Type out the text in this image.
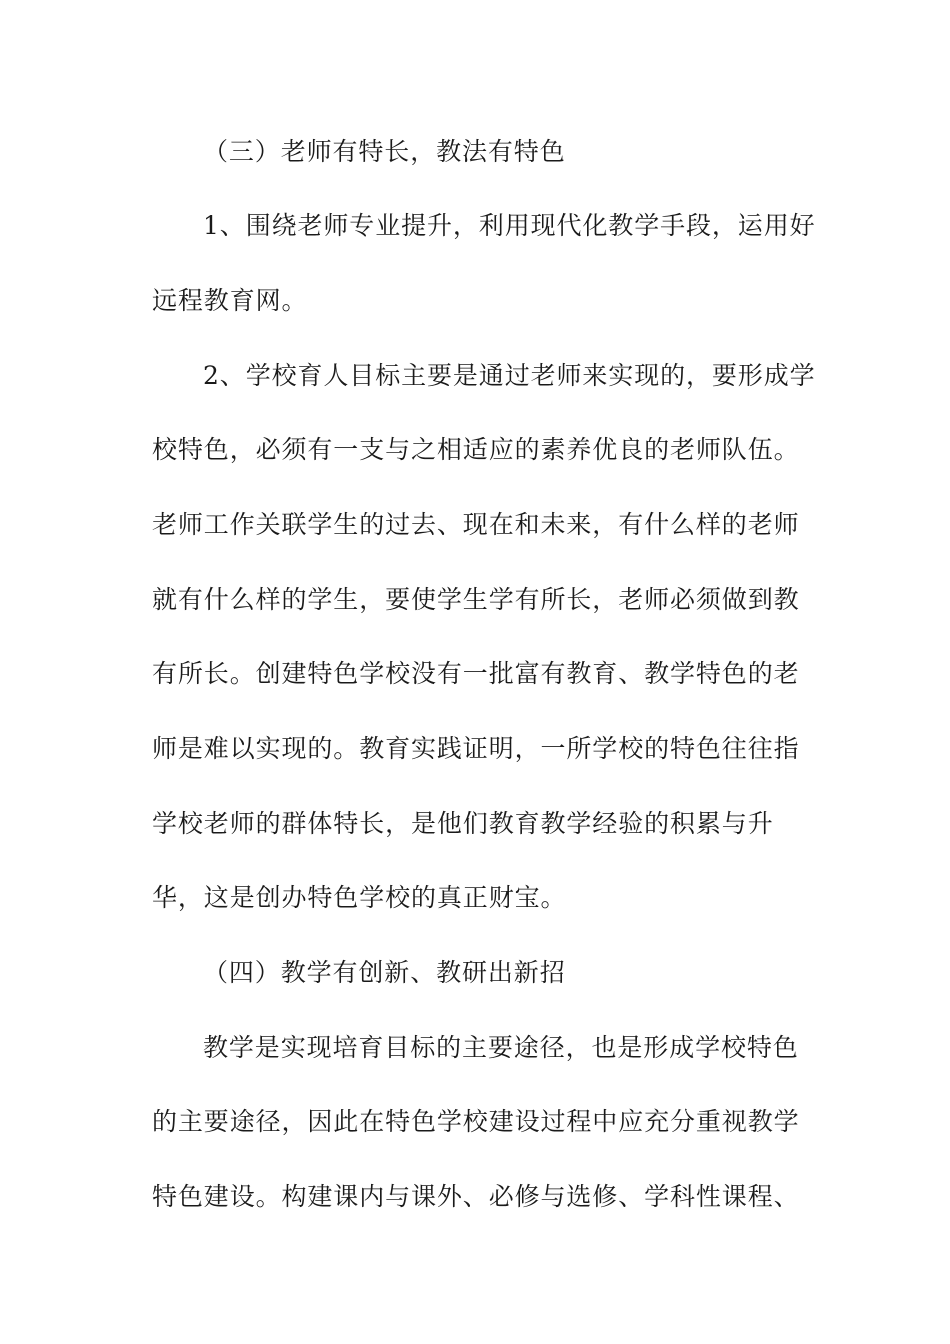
（三）老师有特长，教法有特色
1、围绕老师专业提升，利用现代化教学手段，运用好
远程教育网。
2、学校育人目标主要是通过老师来实现的，要形成学
校特色，必须有一支与之相适应的素养优良的老师队伍。
老师工作关联学生的过去、现在和未来，有什么样的老师
就有什么样的学生，要使学生学有所长，老师必须做到教
有所长。创建特色学校没有一批富有教育、教学特色的老
师是难以实现的。教育实践证明，一所学校的特色往往指
学校老师的群体特长，是他们教育教学经验的积累与升
华，这是创办特色学校的真正财宝。
（四）教学有创新、教研出新招
教学是实现培育目标的主要途径，也是形成学校特色
的主要途径，因此在特色学校建设过程中应充分重视教学
特色建设。构建课内与课外、必修与选修、学科性课程、
